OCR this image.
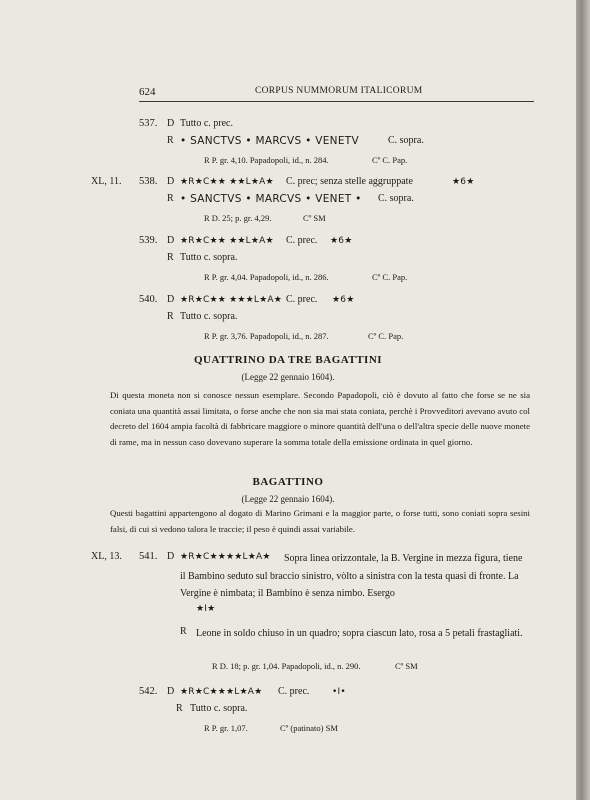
624	CORPUS NUMMORUM ITALICORUM
537. D Tutto c. prec.
R • SANCTVS • MARCVS • VENETV	C. sopra.
R P. gr. 4,10. Papadopoli, id., n. 284.	Cº C. Pap.
XL, 11. 538. D ★R★C★★ ★★L★A★ C. prec; senza stelle aggruppate	★6★
R • SANCTVS • MARCVS • VENET • C. sopra.
R D. 25; p. gr. 4,29.	Cº SM
539. D ★R★C★★ ★★L★A★ C. prec. ★6★
R Tutto c. sopra.
R P. gr. 4,04. Papadopoli, id., n. 286.	Cº C. Pap.
540. D ★R★C★★ ★★★L★A★ C. prec. ★6★
R Tutto c. sopra.
R P. gr. 3,76. Papadopoli, id., n. 287.	Cº C. Pap.
QUATTRINO DA TRE BAGATTINI
(Legge 22 gennaio 1604).
Di questa moneta non si conosce nessun esemplare. Secondo Papadopoli, ciò è dovuto al fatto che forse se ne sia coniata una quantità assai limitata, o forse anche che non sia mai stata coniata, perchè i Provveditori avevano avuto col decreto del 1604 ampia facoltà di fabbricare maggiore o minore quantità dell'una o dell'altra specie delle nuove monete di rame, ma in nessun caso dovevano superare la somma totale della emissione ordinata in quel giorno.
BAGATTINO
(Legge 22 gennaio 1604).
Questi bagattini appartengono al dogato di Marino Grimani e la maggior parte, o forse tutti, sono coniati sopra sesini falsi, di cui si vedono talora le traccie; il peso è quindi assai variabile.
XL, 13. 541. D ★R★C★★★★L★A★	Sopra linea orizzontale, la B. Vergine in mezza figura, tiene il Bambino seduto sul braccio sinistro, vòlto a sinistra con la testa quasi di fronte. La Vergine è nimbata; il Bambino è senza nimbo. Esergo
★I★
R Leone in soldo chiuso in un quadro; sopra ciascun lato, rosa a 5 petali frastagliati.
R D. 18; p. gr. 1,04. Papadopoli, id., n. 290.	Cº SM
542. D ★R★C★★★L★A★ C. prec.	•I•
R Tutto c. sopra.
R P. gr. 1,07.	Cº (patinato) SM
